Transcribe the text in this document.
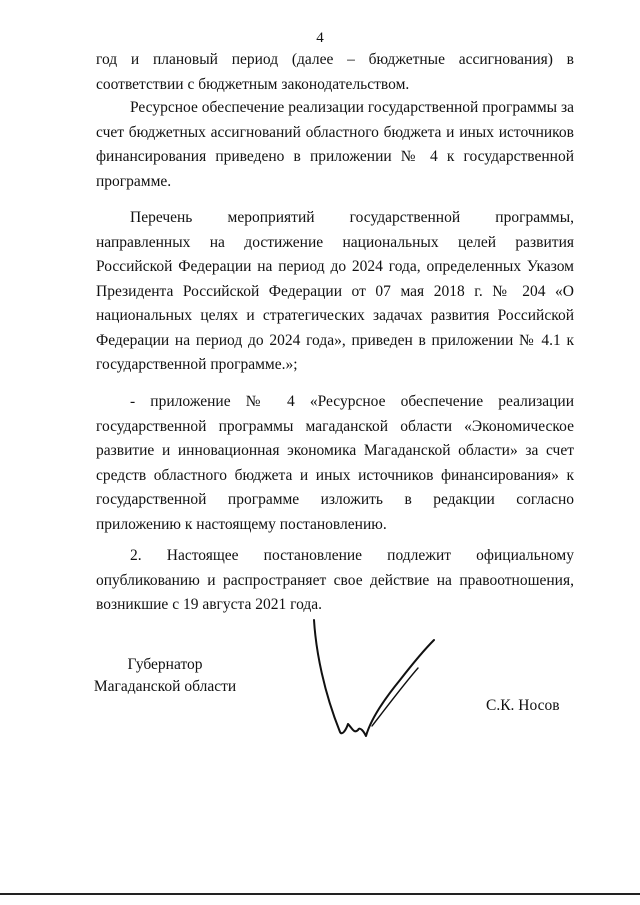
4

год и плановый период (далее – бюджетные ассигнования) в соответствии с бюджетным законодательством.

Ресурсное обеспечение реализации государственной программы за счет бюджетных ассигнований областного бюджета и иных источников финансирования приведено в приложении № 4 к государственной программе.

Перечень мероприятий государственной программы, направленных на достижение национальных целей развития Российской Федерации на период до 2024 года, определенных Указом Президента Российской Федерации от 07 мая 2018 г. № 204 «О национальных целях и стратегических задачах развития Российской Федерации на период до 2024 года», приведен в приложении № 4.1 к государственной программе.»;

- приложение № 4 «Ресурсное обеспечение реализации государственной программы магаданской области «Экономическое развитие и инновационная экономика Магаданской области» за счет средств областного бюджета и иных источников финансирования» к государственной программе изложить в редакции согласно приложению к настоящему постановлению.

2. Настоящее постановление подлежит официальному опубликованию и распространяет свое действие на правоотношения, возникшие с 19 августа 2021 года.

Губернатор
Магаданской области
С.К. Носов
